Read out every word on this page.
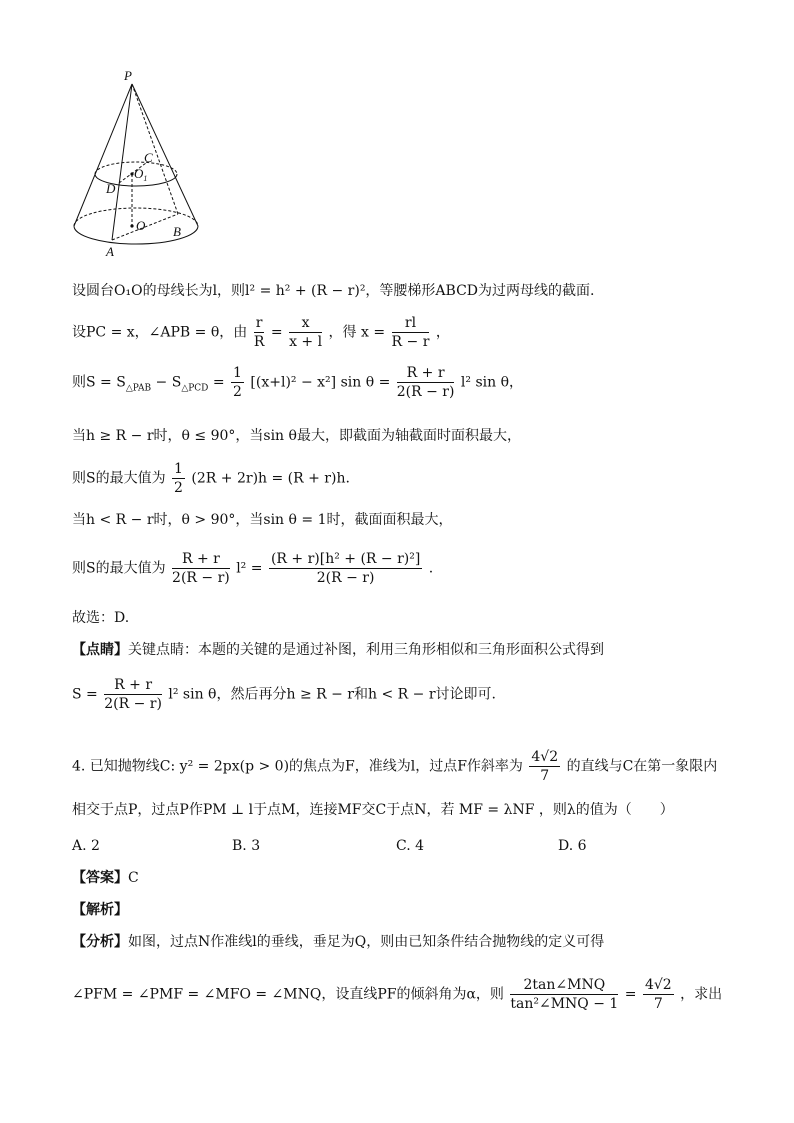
P
C
$O_1$
D
O
A
B
设圆台O₁O的母线长为l，则l² = h² + (R − r)²，等腰梯形ABCD为过两母线的截面.
设PC = x，∠APB = θ，由 $\frac{r}{R} = \frac{x}{x + l}$ ，得 $x = \frac{rl}{R - r}$ ，
则$S = S_{\triangle PAB} - S_{\triangle PCD} = \frac{1}{2} [(x+l)^2 - x^2]$ $\sin \theta = \frac{R + r}{2(R - r)} l^2$ sin θ，
当h ≥ R − r时，θ ≤ 90°，当sin θ最大，即截面为轴截面时面积最大，
则S的最大值为 $\frac{1}{2} (2R + 2r)h = (R + r)h$.
当h < R − r时，θ > 90°，当sin θ = 1时，截面面积最大，
则S的最大值为 $\frac{R + r}{2(R - r)} l^2 = \frac{\text{(R + r)[h² + (R − r)²]}}{2(R - r)}$ .
故选：D.
【点睛】关键点睛：本题的关键的是通过补图，利用三角形相似和三角形面积公式得到
$S = \frac{R + r}{2(R - r)} l^2$ sin θ，然后再分h ≥ R − r和h < R − r讨论即可.
4. 已知抛物线C: y² = 2px(p > 0)的焦点为F，准线为l，过点F作斜率为 $\frac{4√2}{7}$ 的直线与C在第一象限内
相交于点P，过点P作PM ⊥ l于点M，连接MF交C于点N，若 MF = λNF ，则λ的值为（　　）
A. 2	B. 3	C. 4	D. 6
【答案】C
【解析】
【分析】如图，过点N作准线l的垂线，垂足为Q，则由已知条件结合抛物线的定义可得
∠PFM = ∠PMF = ∠MFO = ∠MNQ，设直线PF的倾斜角为α，则 $\frac{\text{2tan∠MNQ}}{\text{tan²∠MNQ − 1}} = \frac{4√2}{7}$ ，求出
